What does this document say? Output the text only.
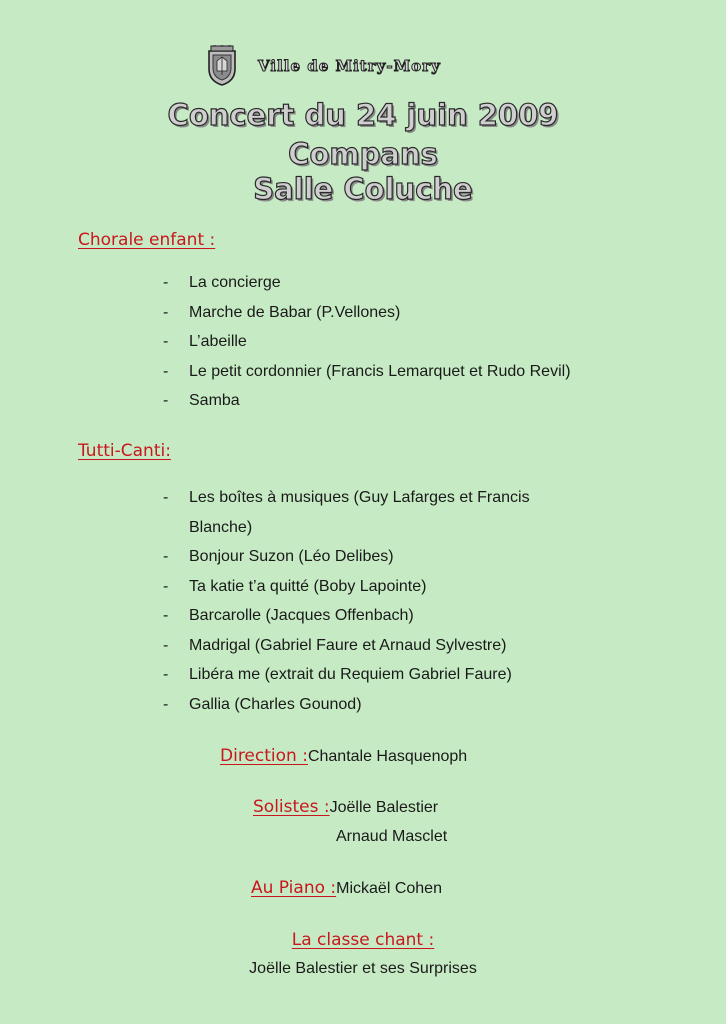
Ville de Mitry-Mory
Concert du 24 juin 2009
Compans
Salle Coluche
Chorale enfant :
- La concierge
- Marche de Babar (P.Vellones)
- L’abeille
- Le petit cordonnier (Francis Lemarquet et Rudo Revil)
- Samba
Tutti-Canti:
- Les boîtes à musiques (Guy Lafarges et Francis
Blanche)
- Bonjour Suzon (Léo Delibes)
- Ta katie t’a quitté (Boby Lapointe)
- Barcarolle (Jacques Offenbach)
- Madrigal (Gabriel Faure et Arnaud Sylvestre)
- Libéra me (extrait du Requiem Gabriel Faure)
- Gallia (Charles Gounod)
Direction :Chantale Hasquenoph
Solistes :Joëlle Balestier
Arnaud Masclet
Au Piano :Mickaël Cohen
La classe chant :
Joëlle Balestier et ses Surprises
